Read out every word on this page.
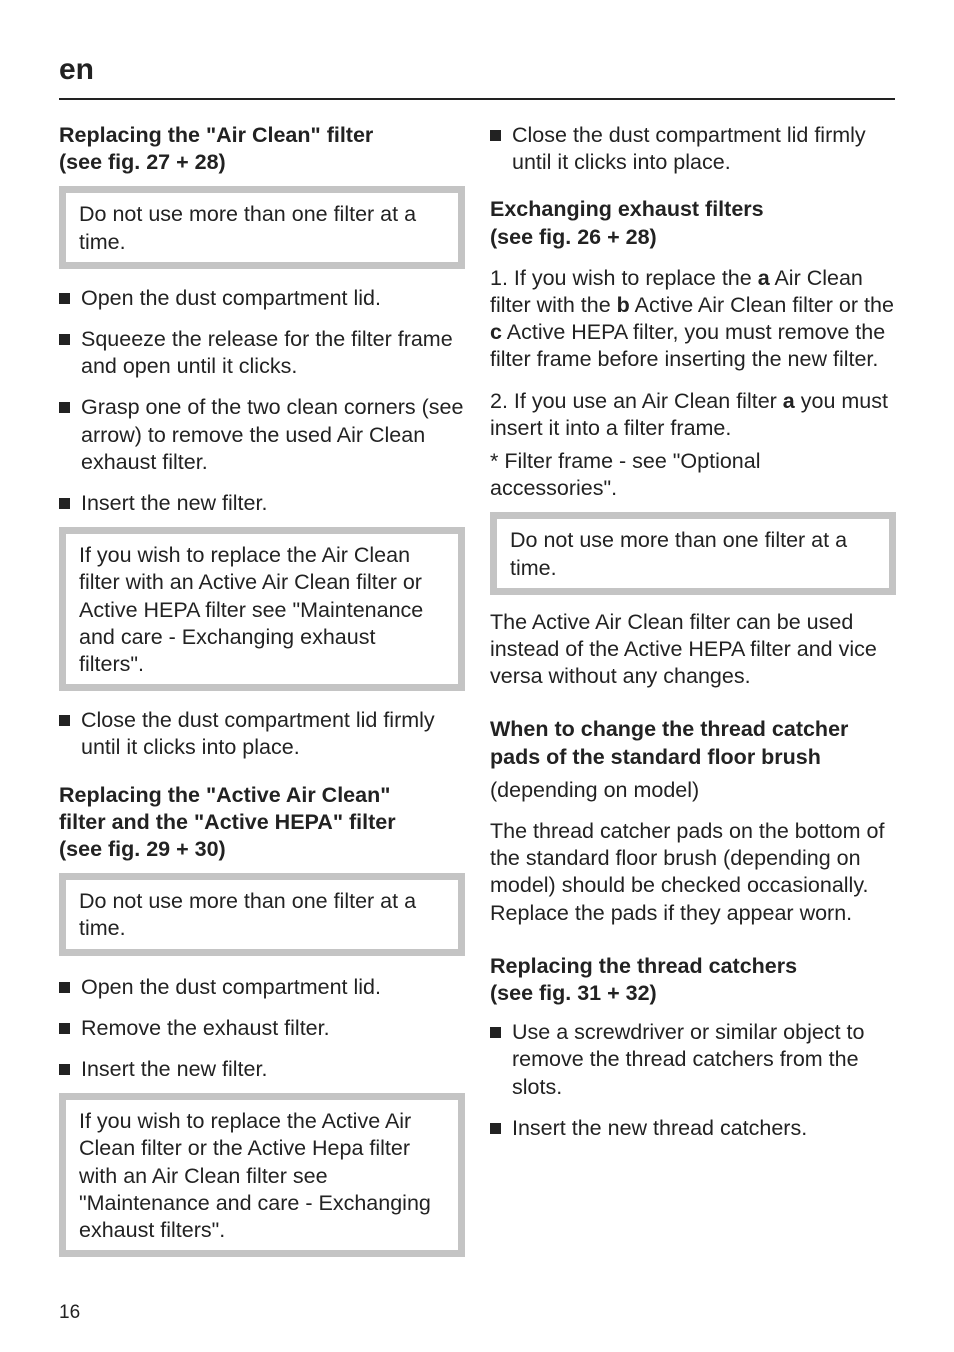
en
Replacing the "Air Clean" filter (see fig. 27 + 28)
Do not use more than one filter at a time.
Open the dust compartment lid.
Squeeze the release for the filter frame and open until it clicks.
Grasp one of the two clean corners (see arrow) to remove the used Air Clean exhaust filter.
Insert the new filter.
If you wish to replace the Air Clean filter with an Active Air Clean filter or Active HEPA filter see "Maintenance and care - Exchanging exhaust filters".
Close the dust compartment lid firmly until it clicks into place.
Replacing the "Active Air Clean" filter and the "Active HEPA" filter (see fig. 29 + 30)
Do not use more than one filter at a time.
Open the dust compartment lid.
Remove the exhaust filter.
Insert the new filter.
If you wish to replace the Active Air Clean filter or the Active Hepa filter with an Air Clean filter see "Maintenance and care - Exchanging exhaust filters".
Close the dust compartment lid firmly until it clicks into place.
Exchanging exhaust filters (see fig. 26 + 28)

1. If you wish to replace the a Air Clean filter with the b Active Air Clean filter or the c Active HEPA filter, you must remove the filter frame before inserting the new filter.

2. If you use an Air Clean filter a you must insert it into a filter frame.

* Filter frame - see "Optional accessories".

Do not use more than one filter at a time.

The Active Air Clean filter can be used instead of the Active HEPA filter and vice versa without any changes.

When to change the thread catcher pads of the standard floor brush

(depending on model)

The thread catcher pads on the bottom of the standard floor brush (depending on model) should be checked occasionally. Replace the pads if they appear worn.

Replacing the thread catchers (see fig. 31 + 32)
Use a screwdriver or similar object to remove the thread catchers from the slots.
Insert the new thread catchers.
16
